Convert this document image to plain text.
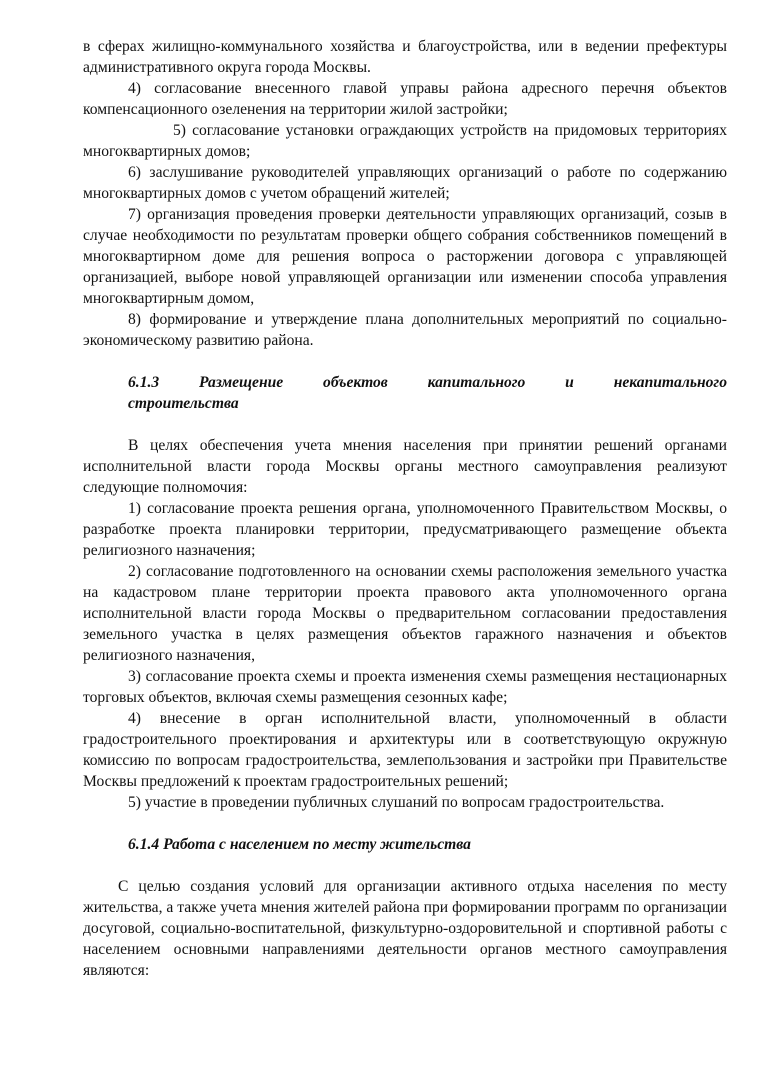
в сферах жилищно-коммунального хозяйства и благоустройства, или в ведении префектуры административного округа города Москвы.

4) согласование внесенного главой управы района адресного перечня объектов компенсационного озеленения на территории жилой застройки;

5) согласование установки ограждающих устройств на придомовых территориях многоквартирных домов;

6) заслушивание руководителей управляющих организаций о работе по содержанию многоквартирных домов с учетом обращений жителей;

7) организация проведения проверки деятельности управляющих организаций, созыв в случае необходимости по результатам проверки общего собрания собственников помещений в многоквартирном доме для решения вопроса о расторжении договора с управляющей организацией, выборе новой управляющей организации или изменении способа управления многоквартирным домом,

8) формирование и утверждение плана дополнительных мероприятий по социально-экономическому развитию района.

6.1.3 Размещение объектов капитального и некапитального

строительства

В целях обеспечения учета мнения населения при принятии решений органами исполнительной власти города Москвы органы местного самоуправления реализуют следующие полномочия:

1) согласование проекта решения органа, уполномоченного Правительством Москвы, о разработке проекта планировки территории, предусматривающего размещение объекта религиозного назначения;

2) согласование подготовленного на основании схемы расположения земельного участка на кадастровом плане территории проекта правового акта уполномоченного органа исполнительной власти города Москвы о предварительном согласовании предоставления земельного участка в целях размещения объектов гаражного назначения и объектов религиозного назначения,

3) согласование проекта схемы и проекта изменения схемы размещения нестационарных торговых объектов, включая схемы размещения сезонных кафе;

4) внесение в орган исполнительной власти, уполномоченный в области градостроительного проектирования и архитектуры или в соответствующую окружную комиссию по вопросам градостроительства, землепользования и застройки при Правительстве Москвы предложений к проектам градостроительных решений;

5) участие в проведении публичных слушаний по вопросам градостроительства.

6.1.4 Работа с населением по месту жительства

С целью создания условий для организации активного отдыха населения по месту жительства, а также учета мнения жителей района при формировании программ по организации досуговой, социально-воспитательной, физкультурно-оздоровительной и спортивной работы с населением основными направлениями деятельности органов местного самоуправления являются:
